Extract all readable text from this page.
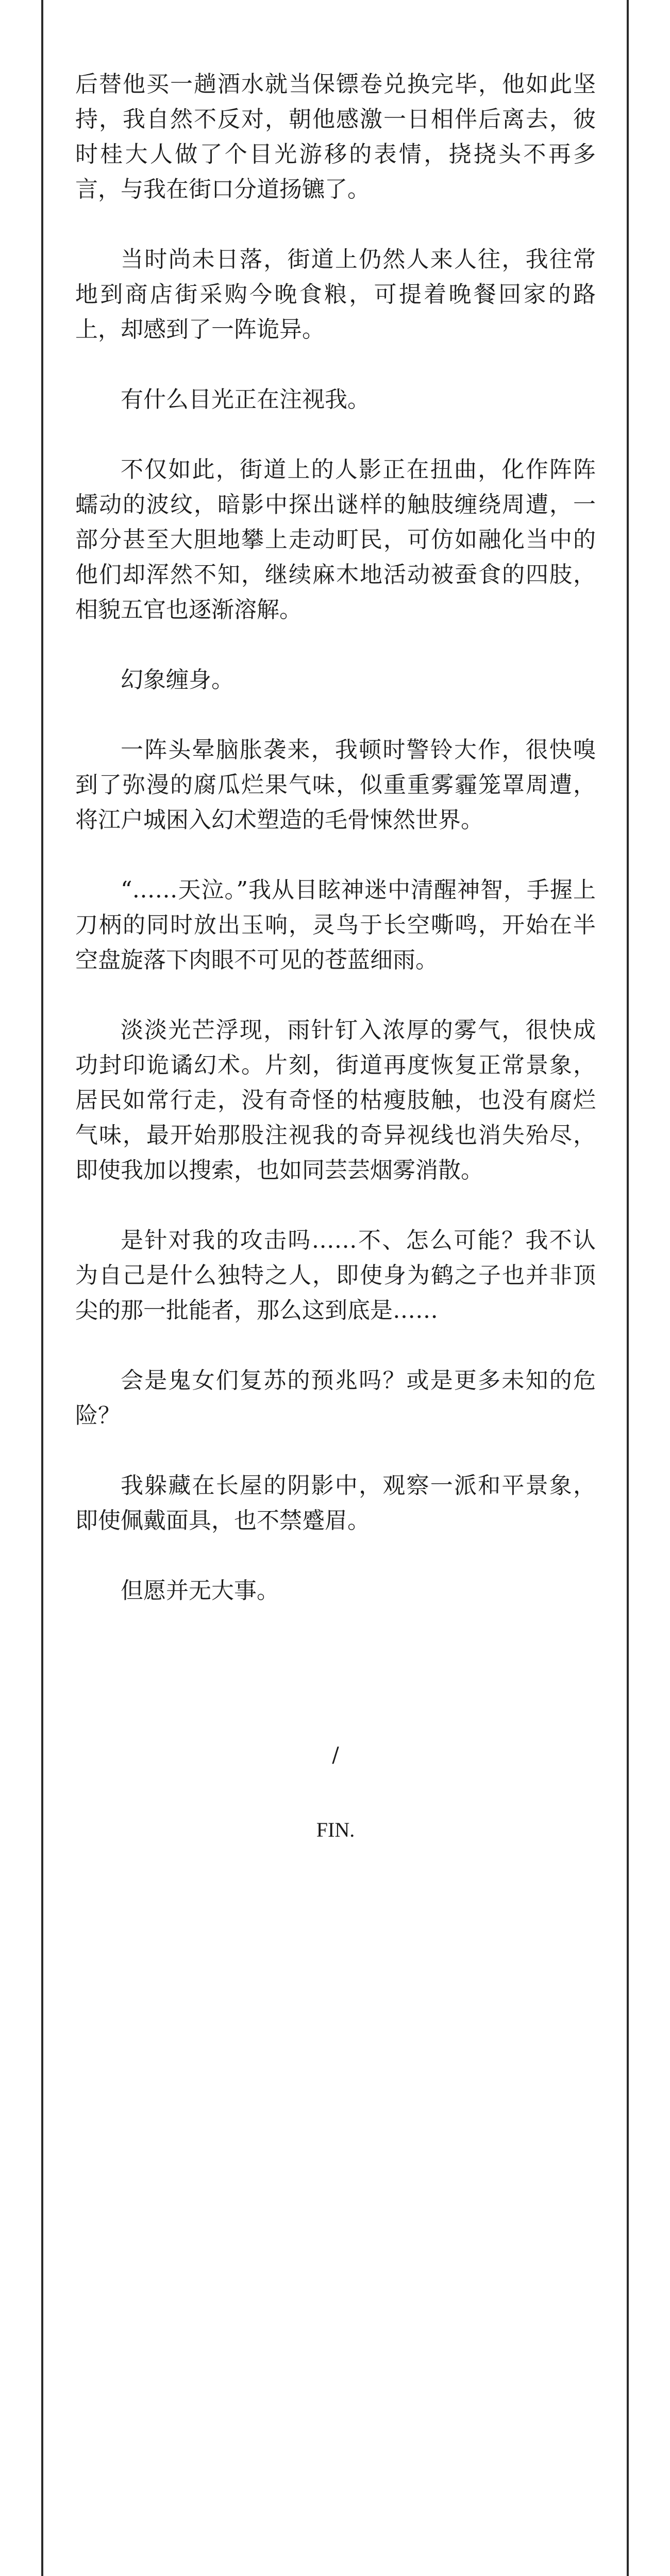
后替他买一趟酒水就当保镖卷兑换完毕，他如此坚持，我自然不反对，朝他感激一日相伴后离去，彼时桂大人做了个目光游移的表情，挠挠头不再多言，与我在街口分道扬镳了。

当时尚未日落，街道上仍然人来人往，我往常地到商店街采购今晚食粮，可提着晚餐回家的路上，却感到了一阵诡异。

有什么目光正在注视我。

不仅如此，街道上的人影正在扭曲，化作阵阵蠕动的波纹，暗影中探出谜样的触肢缠绕周遭，一部分甚至大胆地攀上走动町民，可仿如融化当中的他们却浑然不知，继续麻木地活动被蚕食的四肢，相貌五官也逐渐溶解。

幻象缠身。

一阵头晕脑胀袭来，我顿时警铃大作，很快嗅到了弥漫的腐瓜烂果气味，似重重雾霾笼罩周遭，将江户城困入幻术塑造的毛骨悚然世界。

“……天泣。”我从目眩神迷中清醒神智，手握上刀柄的同时放出玉响，灵鸟于长空嘶鸣，开始在半空盘旋落下肉眼不可见的苍蓝细雨。

淡淡光芒浮现，雨针钉入浓厚的雾气，很快成功封印诡谲幻术。片刻，街道再度恢复正常景象，居民如常行走，没有奇怪的枯瘦肢触，也没有腐烂气味，最开始那股注视我的奇异视线也消失殆尽，即使我加以搜索，也如同芸芸烟雾消散。

是针对我的攻击吗……不、怎么可能？我不认为自己是什么独特之人，即使身为鹤之子也并非顶尖的那一批能者，那么这到底是……

会是鬼女们复苏的预兆吗？或是更多未知的危险？

我躲藏在长屋的阴影中，观察一派和平景象，即使佩戴面具，也不禁蹙眉。

但愿并无大事。

/

FIN.
